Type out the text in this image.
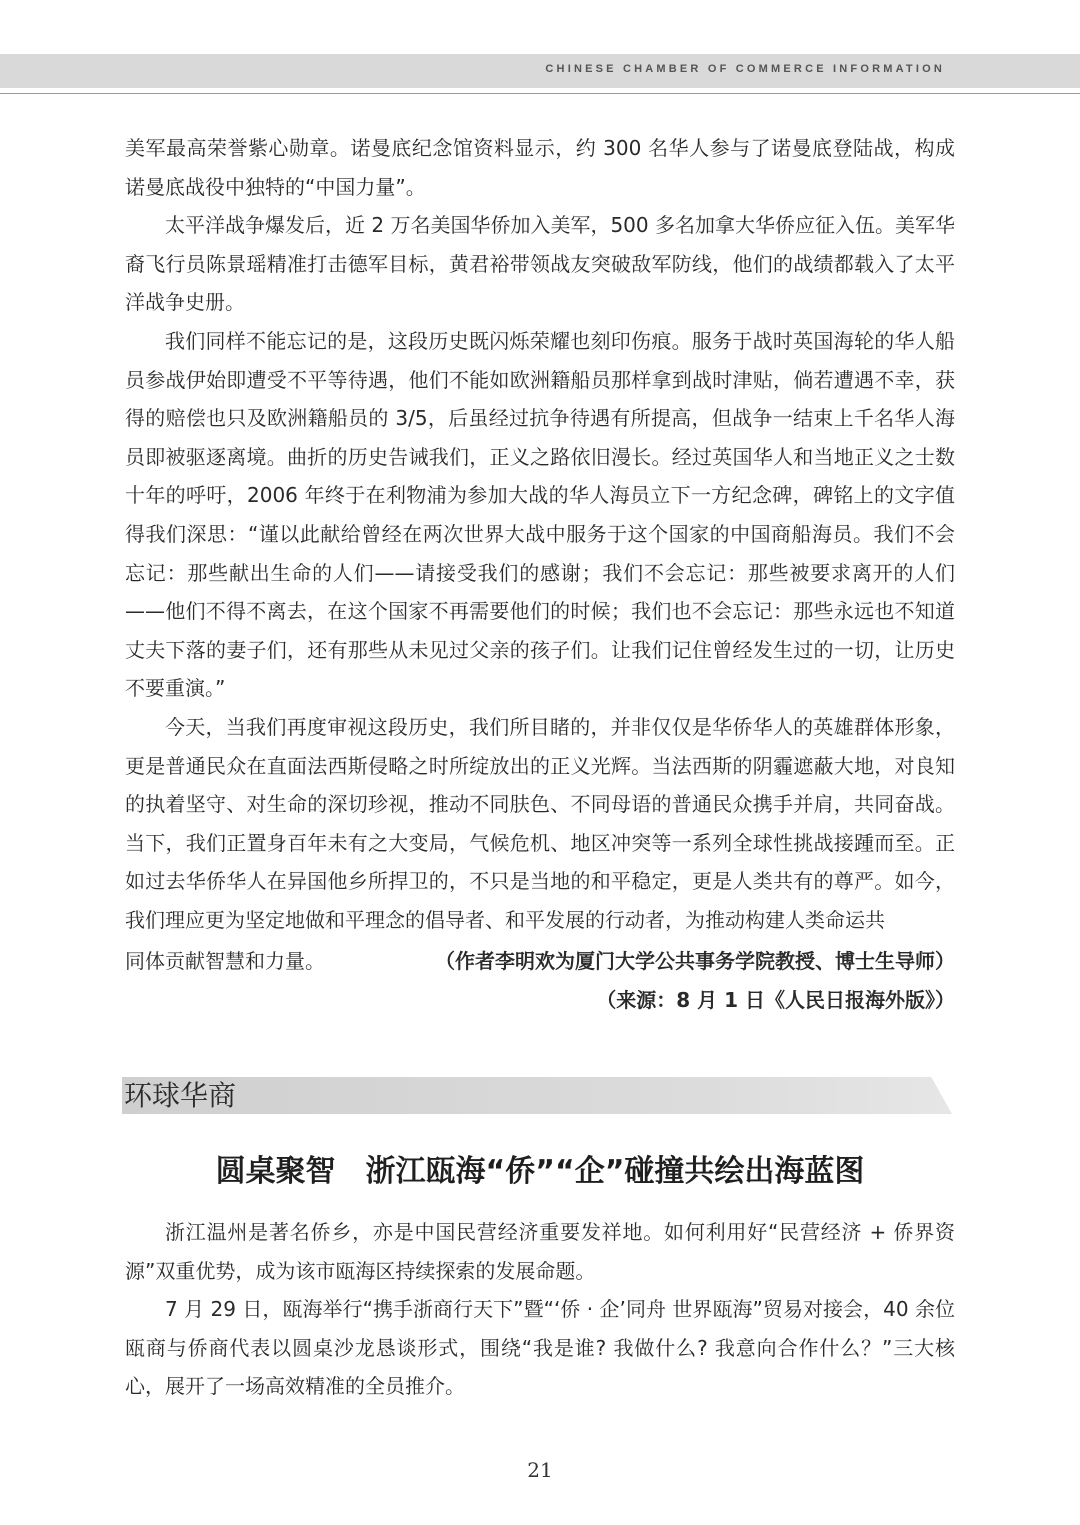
CHINESE CHAMBER OF COMMERCE INFORMATION

美军最高荣誉紫心勋章。诺曼底纪念馆资料显示，约 300 名华人参与了诺曼底登陆战，构成诺曼底战役中独特的“中国力量”。

太平洋战争爆发后，近 2 万名美国华侨加入美军，500 多名加拿大华侨应征入伍。美军华裔飞行员陈景瑶精准打击德军目标，黄君裕带领战友突破敌军防线，他们的战绩都载入了太平洋战争史册。

我们同样不能忘记的是，这段历史既闪烁荣耀也刻印伤痕。服务于战时英国海轮的华人船员参战伊始即遭受不平等待遇，他们不能如欧洲籍船员那样拿到战时津贴，倘若遭遇不幸，获得的赔偿也只及欧洲籍船员的 3/5，后虽经过抗争待遇有所提高，但战争一结束上千名华人海员即被驱逐离境。曲折的历史告诫我们，正义之路依旧漫长。经过英国华人和当地正义之士数十年的呼吁，2006 年终于在利物浦为参加大战的华人海员立下一方纪念碑，碑铭上的文字值得我们深思：“谨以此献给曾经在两次世界大战中服务于这个国家的中国商船海员。我们不会忘记：那些献出生命的人们——请接受我们的感谢；我们不会忘记：那些被要求离开的人们——他们不得不离去，在这个国家不再需要他们的时候；我们也不会忘记：那些永远也不知道丈夫下落的妻子们，还有那些从未见过父亲的孩子们。让我们记住曾经发生过的一切，让历史不要重演。”

今天，当我们再度审视这段历史，我们所目睹的，并非仅仅是华侨华人的英雄群体形象，更是普通民众在直面法西斯侵略之时所绽放出的正义光辉。当法西斯的阴霾遮蔽大地，对良知的执着坚守、对生命的深切珍视，推动不同肤色、不同母语的普通民众携手并肩，共同奋战。当下，我们正置身百年未有之大变局，气候危机、地区冲突等一系列全球性挑战接踵而至。正如过去华侨华人在异国他乡所捍卫的，不只是当地的和平稳定，更是人类共有的尊严。如今，我们理应更为坚定地做和平理念的倡导者、和平发展的行动者，为推动构建人类命运共

同体贡献智慧和力量。	（作者李明欢为厦门大学公共事务学院教授、博士生导师）
（来源：8 月 1 日《人民日报海外版》）
环球华商
圆桌聚智　浙江瓯海“侨”“企”碰撞共绘出海蓝图

浙江温州是著名侨乡，亦是中国民营经济重要发祥地。如何利用好“民营经济 + 侨界资源”双重优势，成为该市瓯海区持续探索的发展命题。

7 月 29 日，瓯海举行“携手浙商行天下”暨“‘侨 · 企’同舟 世界瓯海”贸易对接会，40 余位瓯商与侨商代表以圆桌沙龙恳谈形式，围绕“我是谁? 我做什么? 我意向合作什么？”三大核心，展开了一场高效精准的全员推介。

21
